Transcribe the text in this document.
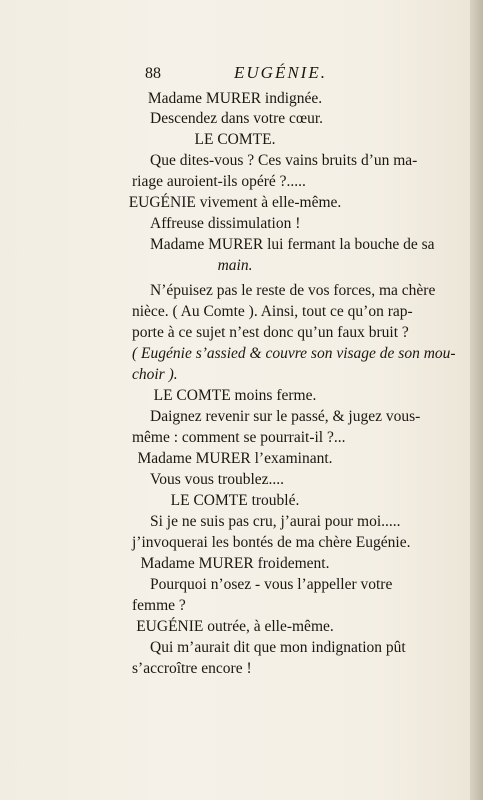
88	EUGÉNIE.
Madame MURER indignée.
Descendez dans votre cœur.
LE COMTE.
Que dites-vous ? Ces vains bruits d’un ma-
riage auroient-ils opéré ?.....
EUGÉNIE vivement à elle-même.
Affreuse dissimulation !
Madame MURER lui fermant la bouche de sa
main.
N’épuisez pas le reste de vos forces, ma chère
nièce. ( Au Comte ). Ainsi, tout ce qu’on rap-
porte à ce sujet n’est donc qu’un faux bruit ?
( Eugénie s’assied & couvre son visage de son mou-
choir ).
LE COMTE moins ferme.
Daignez revenir sur le passé, & jugez vous-
même : comment se pourrait-il ?...
Madame MURER l’examinant.
Vous vous troublez....
LE COMTE troublé.
Si je ne suis pas cru, j’aurai pour moi.....
j’invoquerai les bontés de ma chère Eugénie.
Madame MURER froidement.
Pourquoi n’osez - vous l’appeller votre
femme ?
EUGÉNIE outrée, à elle-même.
Qui m’aurait dit que mon indignation pût
s’accroître encore !
